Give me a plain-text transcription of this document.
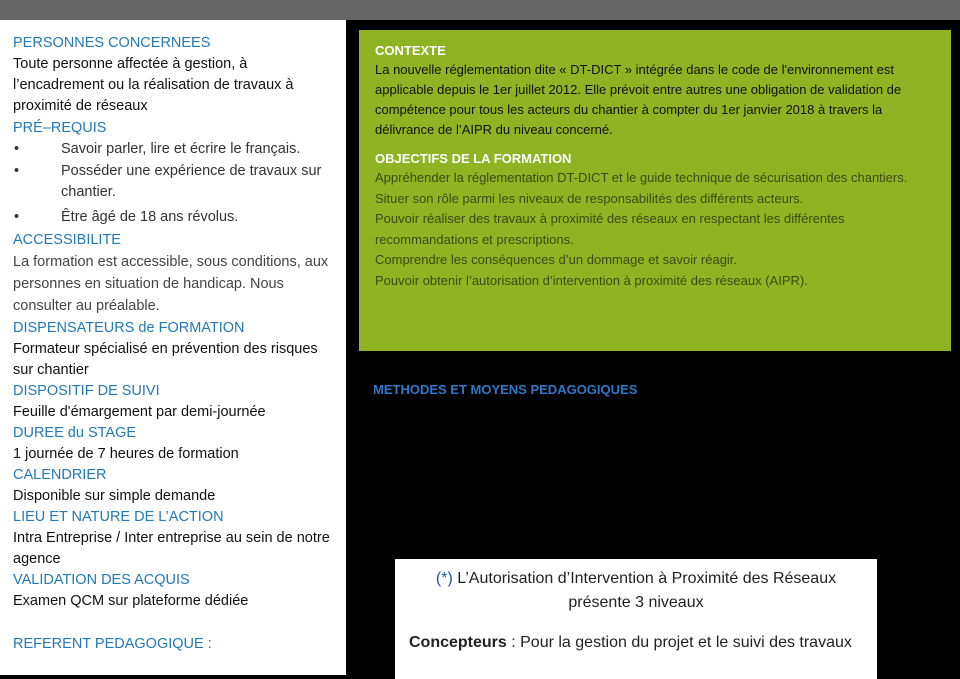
PERSONNES CONCERNEES
Toute personne affectée à gestion, à l’encadrement ou la réalisation de travaux à proximité de réseaux
PRÉ–REQUIS
•	Savoir parler, lire et écrire le français.
•	Posséder une expérience de travaux sur chantier.
•	Être âgé de 18 ans révolus.
ACCESSIBILITE
La formation est accessible, sous conditions, aux personnes en situation de handicap. Nous consulter au préalable.
DISPENSATEURS de FORMATION
Formateur spécialisé en prévention des risques sur chantier
DISPOSITIF DE SUIVI
Feuille d'émargement par demi-journée
DUREE du STAGE
1 journée de 7 heures de formation
CALENDRIER
Disponible sur simple demande
LIEU ET NATURE DE L’ACTION
Intra Entreprise / Inter entreprise au sein de notre agence
VALIDATION DES ACQUIS
Examen QCM sur plateforme dédiée
REFERENT PEDAGOGIQUE :
CONTEXTE
La nouvelle réglementation dite « DT-DICT » intégrée dans le code de l'environnement est applicable depuis le 1er juillet 2012. Elle prévoit entre autres une obligation de validation de compétence pour tous les acteurs du chantier à compter du 1er janvier 2018 à travers la délivrance de l’AIPR du niveau concerné.
OBJECTIFS DE LA FORMATION
Appréhender la réglementation DT-DICT et le guide technique de sécurisation des chantiers.
Situer son rôle parmi les niveaux de responsabilités des différents acteurs.
Pouvoir réaliser des travaux à proximité des réseaux en respectant les différentes recommandations et prescriptions.
Comprendre les conséquences d’un dommage et savoir réagir.
Pouvoir obtenir l’autorisation d’intervention à proximité des réseaux (AIPR).
METHODES ET MOYENS PEDAGOGIQUES
(*) L’Autorisation d’Intervention à Proximité des Réseaux présente 3 niveaux
Concepteurs : Pour la gestion du projet et le suivi des travaux
